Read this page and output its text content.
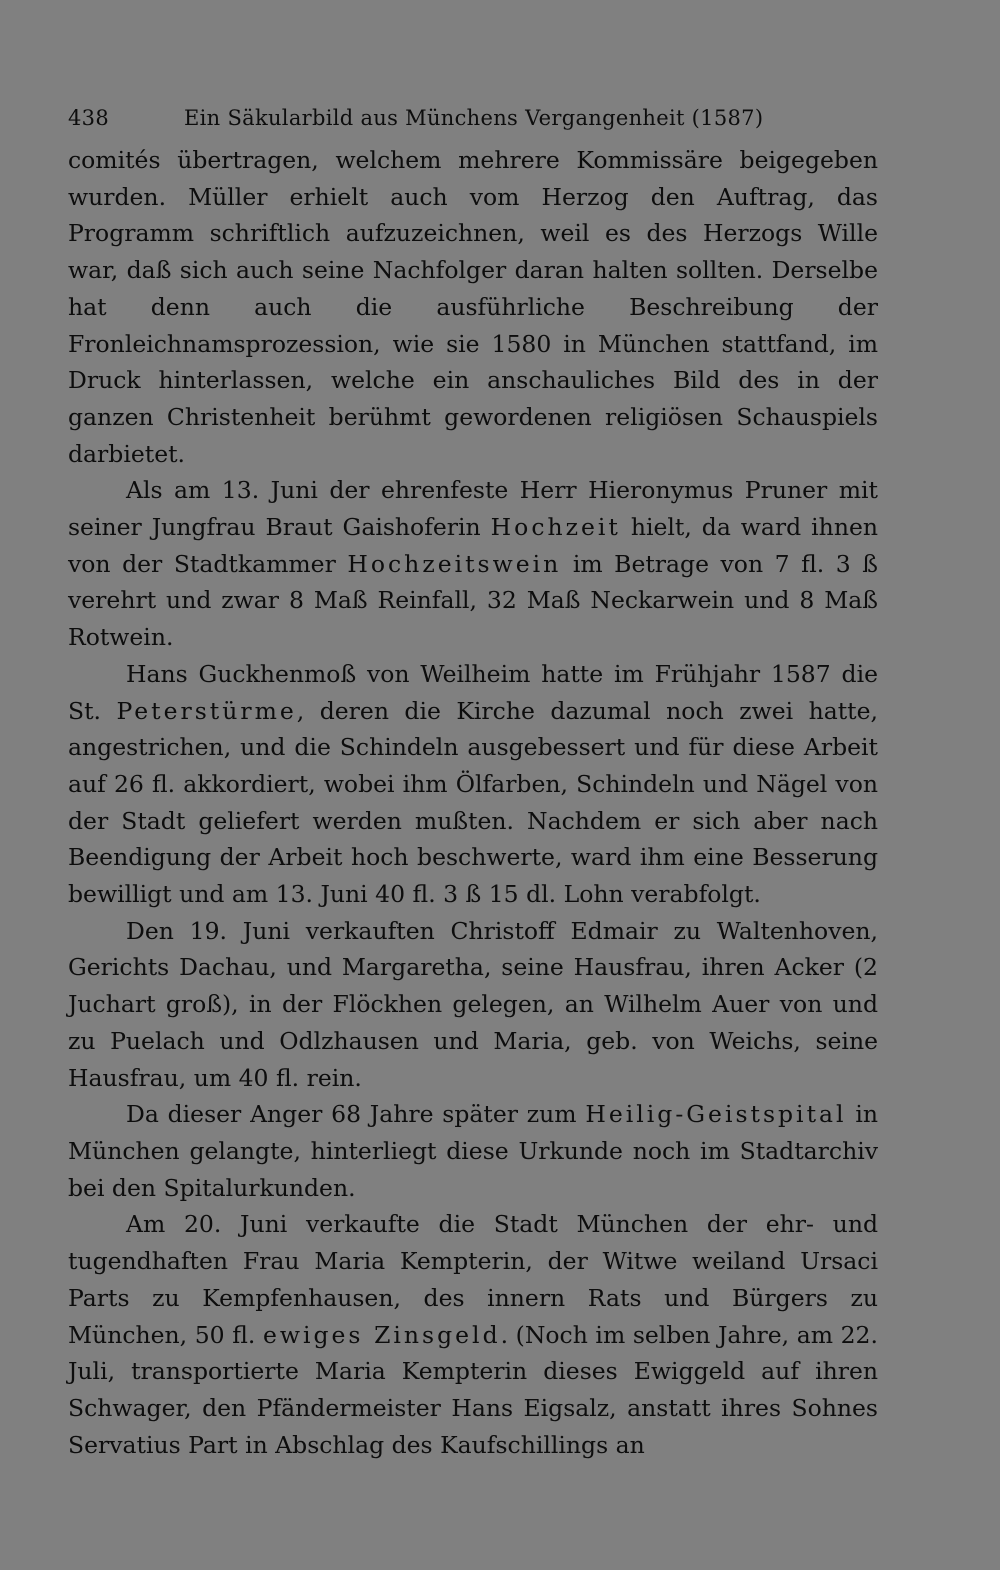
438	Ein Säkularbild aus Münchens Vergangenheit (1587)

comités übertragen, welchem mehrere Kommissäre beigegeben wurden. Müller erhielt auch vom Herzog den Auftrag, das Programm schriftlich aufzuzeichnen, weil es des Herzogs Wille war, daß sich auch seine Nachfolger daran halten sollten. Derselbe hat denn auch die ausführliche Beschreibung der Fronleichnamsprozession, wie sie 1580 in München stattfand, im Druck hinterlassen, welche ein anschauliches Bild des in der ganzen Christenheit berühmt gewordenen religiösen Schauspiels darbietet.

Als am 13. Juni der ehrenfeste Herr Hieronymus Pruner mit seiner Jungfrau Braut Gaishoferin Hochzeit hielt, da ward ihnen von der Stadtkammer Hochzeitswein im Betrage von 7 fl. 3 ß verehrt und zwar 8 Maß Reinfall, 32 Maß Neckarwein und 8 Maß Rotwein.

Hans Guckhenmoß von Weilheim hatte im Frühjahr 1587 die St. Peterstürme, deren die Kirche dazumal noch zwei hatte, angestrichen, und die Schindeln ausgebessert und für diese Arbeit auf 26 fl. akkordiert, wobei ihm Ölfarben, Schindeln und Nägel von der Stadt geliefert werden mußten. Nachdem er sich aber nach Beendigung der Arbeit hoch beschwerte, ward ihm eine Besserung bewilligt und am 13. Juni 40 fl. 3 ß 15 dl. Lohn verabfolgt.

Den 19. Juni verkauften Christoff Edmair zu Waltenhoven, Gerichts Dachau, und Margaretha, seine Hausfrau, ihren Acker (2 Juchart groß), in der Flöckhen gelegen, an Wilhelm Auer von und zu Puelach und Odlzhausen und Maria, geb. von Weichs, seine Hausfrau, um 40 fl. rein.

Da dieser Anger 68 Jahre später zum Heilig-Geistspital in München gelangte, hinterliegt diese Urkunde noch im Stadtarchiv bei den Spitalurkunden.

Am 20. Juni verkaufte die Stadt München der ehr- und tugendhaften Frau Maria Kempterin, der Witwe weiland Ursaci Parts zu Kempfenhausen, des innern Rats und Bürgers zu München, 50 fl. ewiges Zinsgeld. (Noch im selben Jahre, am 22. Juli, transportierte Maria Kempterin dieses Ewiggeld auf ihren Schwager, den Pfändermeister Hans Eigsalz, anstatt ihres Sohnes Servatius Part in Abschlag des Kaufschillings an
